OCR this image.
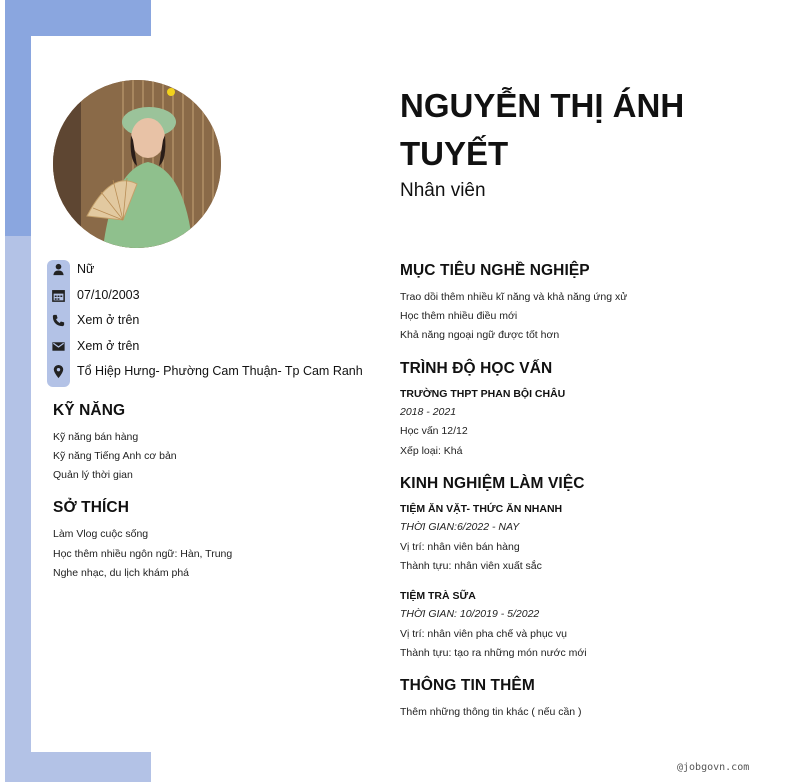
Nữ
07/10/2003
Xem ở trên
Xem ở trên
Tổ Hiệp Hưng- Phường Cam Thuận- Tp Cam Ranh
KỸ NĂNG
Kỹ năng bán hàng
Kỹ năng Tiếng Anh cơ bản
Quản lý thời gian
SỞ THÍCH
Làm Vlog cuộc sống
Học thêm nhiều ngôn ngữ: Hàn, Trung
Nghe nhạc, du lịch khám phá
NGUYỄN THỊ ÁNH TUYẾT
Nhân viên
MỤC TIÊU NGHỀ NGHIỆP
Trao dồi thêm nhiều kĩ năng và khả năng ứng xử
Học thêm nhiều điều mới
Khả năng ngoại ngữ được tốt hơn
TRÌNH ĐỘ HỌC VẤN
TRƯỜNG THPT PHAN BỘI CHÂU
2018 - 2021
Học vấn 12/12
Xếp loại: Khá
KINH NGHIỆM LÀM VIỆC
TIỆM ĂN VẶT- THỨC ĂN NHANH
THỜI GIAN:6/2022 - NAY
Vị trí: nhân viên bán hàng
Thành tựu: nhân viên xuất sắc
TIỆM TRÀ SỮA
THỜI GIAN: 10/2019 - 5/2022
Vị trí: nhân viên pha chế và phục vụ
Thành tựu: tạo ra những món nước mới
THÔNG TIN THÊM
Thêm những thông tin khác ( nếu cần )
@jobgovn.com
